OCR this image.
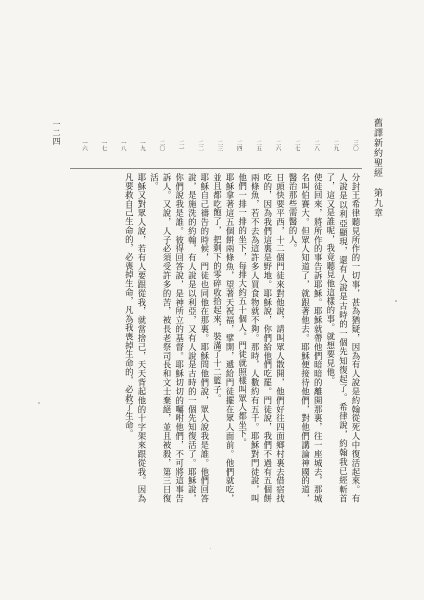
舊譯新約聖經　第九章
一二四	三〇
二九
二八
二七
二六
二五
二四
二三
二二
二一
二〇
一九
一八
一七
一六

分封王希律聽見所作的一切事，甚為猶疑，因為有人說是約翰從死人中復活起來。有人說是以利亞顯現，還有人說是古時的一個先知復起了。希律說，約翰我已經斬首了，這又是誰呢，我竟聽見他這樣的事。就想要見他。

使徒回來，將所作的事告訴耶穌。耶穌就帶他們暗暗的離開那裏，往一座城去，那城名叫伯賽大。但眾人知道了，就跟著他去。耶穌便接待他們，對他們講論神國的道，醫治那些需醫的人。

日頭快要平西，十二個門徒來對他說，請叫眾人散開，他們好往四面鄉村裏去借宿找吃的，因為我們這裏是野地。耶穌說，你們給他們吃罷。門徒說，我們不過有五個餅兩條魚，若不去為這許多人買食物就不夠。那時，人數約有五千。耶穌對門徒說，叫他們一排一排的坐下，每排大約五十個人。門徒就照樣叫眾人都坐下。

耶穌拿著這五個餅兩條魚，望著天祝福，擘開，遞給門徒擺在眾人面前。他們就吃，並且都吃飽了，把剩下的零碎收拾起來，裝滿了十二籃子。

耶穌自己禱告的時候，門徒也同他在那裏。耶穌問他們說，眾人說我是誰。他們回答說，是施洗的約翰，有人說是以利亞，又有人說是古時的一個先知復活了。耶穌說，你們說我是誰。彼得回答說，是神所立的基督。耶穌切切的囑咐他們，不可將這事告訴人。又說，人子必須受許多的苦，被長老祭司長和文士棄絕，並且被殺，第三日復活。

耶穌又對眾人說，若有人要跟從我，就當捨己，天天背起他的十字架來跟從我。因為凡要救自己生命的，必喪掉生命，凡為我喪掉生命的，必救了生命。
